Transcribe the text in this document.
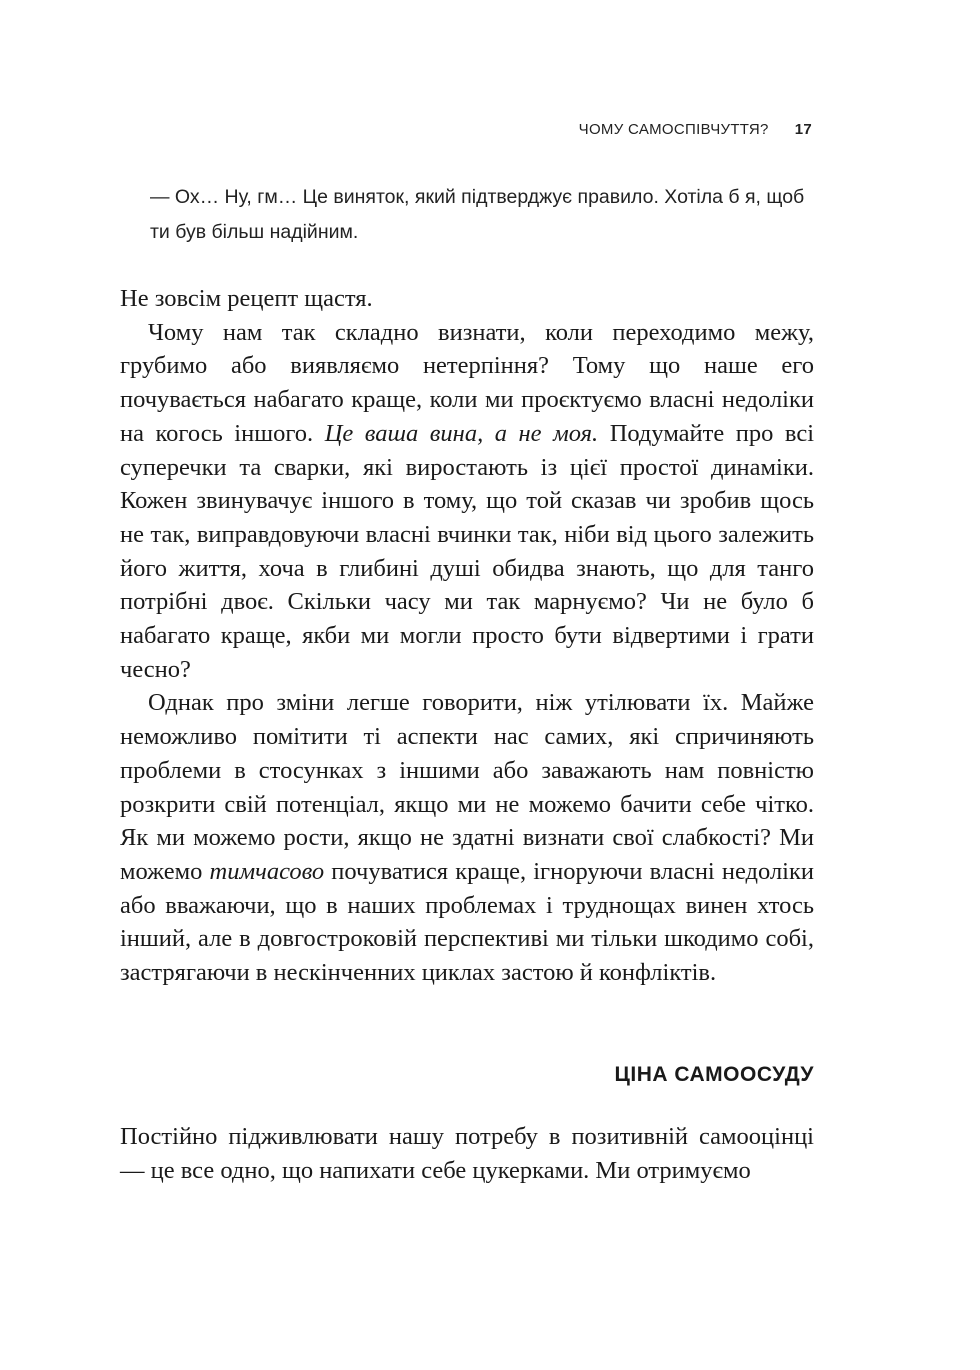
ЧОМУ САМОСПІВЧУТТЯ? 17
— Ох… Ну, гм… Це виняток, який підтверджує правило. Хотіла б я, щоб ти був більш надійним.

Не зовсім рецепт щастя.

Чому нам так складно визнати, коли переходимо межу, грубимо або виявляємо нетерпіння? Тому що наше его почувається набагато краще, коли ми проєктуємо власні недоліки на когось іншого. Це ваша вина, а не моя. Подумайте про всі суперечки та сварки, які виростають із цієї простої динаміки. Кожен звинувачує іншого в тому, що той сказав чи зробив щось не так, виправдовуючи власні вчинки так, ніби від цього залежить його життя, хоча в глибині душі обидва знають, що для танго потрібні двоє. Скільки часу ми так марнуємо? Чи не було б набагато краще, якби ми могли просто бути відвертими і грати чесно?

Однак про зміни легше говорити, ніж утілювати їх. Майже неможливо помітити ті аспекти нас самих, які спричиняють проблеми в стосунках з іншими або заважають нам повністю розкрити свій потенціал, якщо ми не можемо бачити себе чітко. Як ми можемо рости, якщо не здатні визнати свої слабкості? Ми можемо тимчасово почуватися краще, ігноруючи власні недоліки або вважаючи, що в наших проблемах і труднощах винен хтось інший, але в довгостроковій перспективі ми тільки шкодимо собі, застрягаючи в нескінченних циклах застою й конфліктів.

ЦІНА САМООСУДУ

Постійно підживлювати нашу потребу в позитивній самооцінці — це все одно, що напихати себе цукерками. Ми отримуємо
